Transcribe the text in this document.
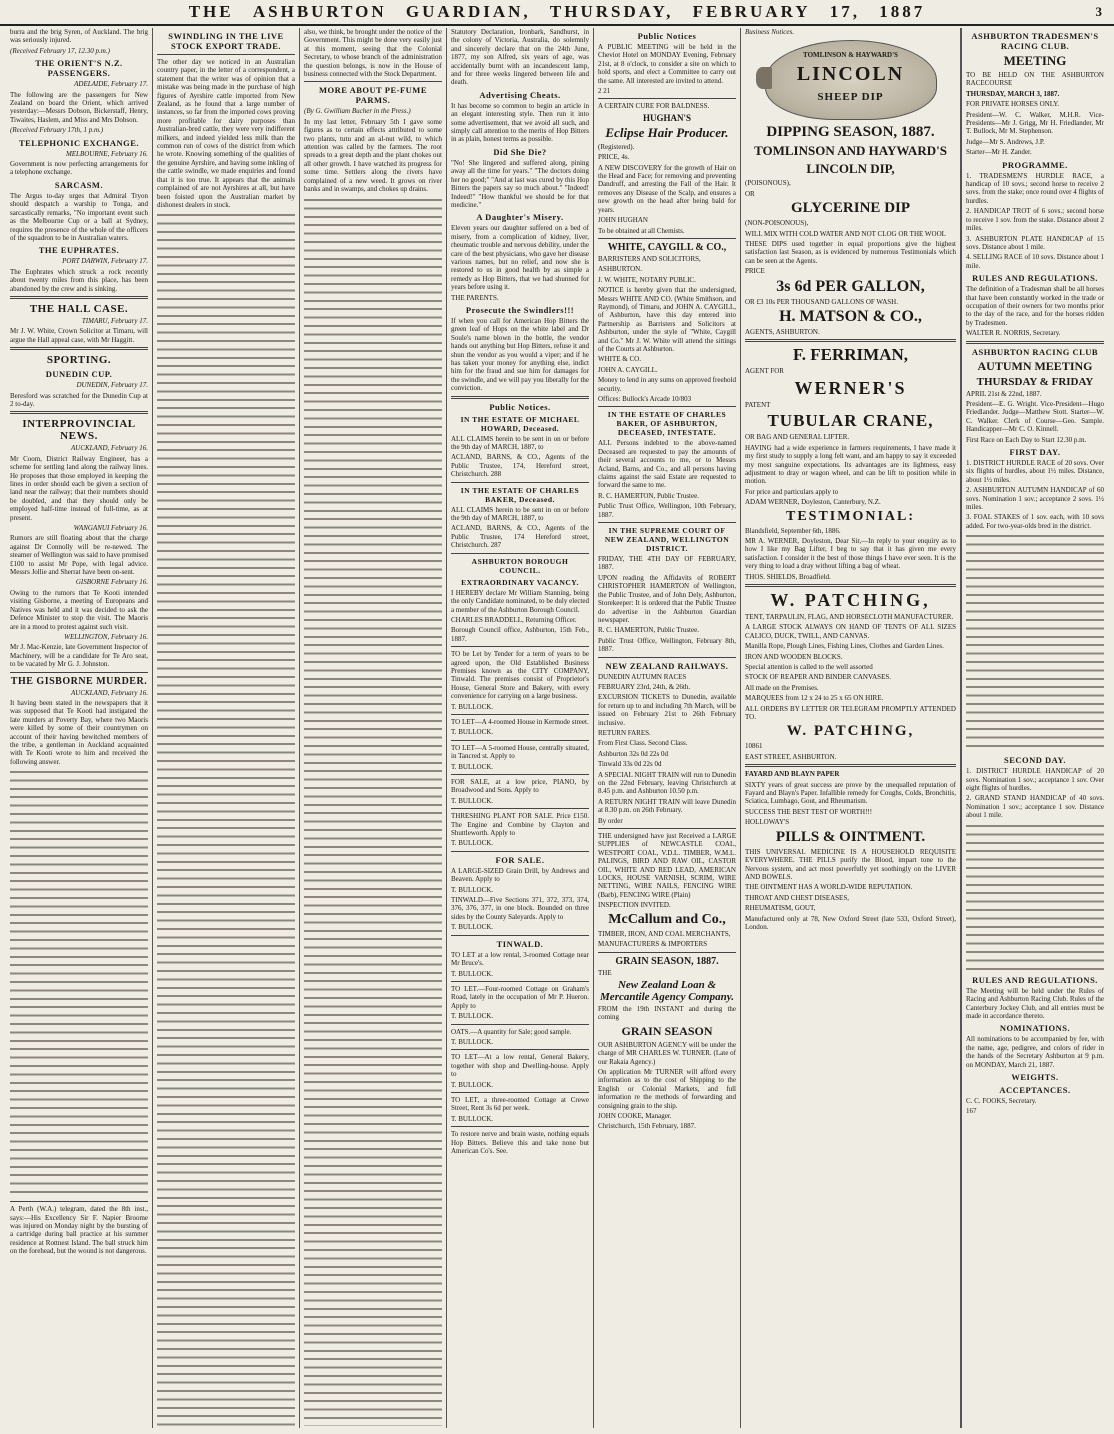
THE ASHBURTON GUARDIAN, THURSDAY, FEBRUARY 17, 1887	3

burra and the brig Syren, of Auckland. The brig was seriously injured.

(Received February 17, 12.30 p.m.)

THE ORIENT'S N.Z. PASSENGERS.

ADELAIDE, February 17.

The following are the passengers for New Zealand on board the Orient, which arrived yesterday:—Messrs Dobson, Bickerstaff, Henry, Tiwaites, Haslem, and Miss and Mrs Dobson.

(Received February 17th, 1 p.m.)

TELEPHONIC EXCHANGE.

MELBOURNE, February 16.

Government is now perfecting arrangements for a telephone exchange.

SARCASM.

The Argus to-day urges that Admiral Tryon should despatch a warship to Tonga, and sarcastically remarks, "No important event such as the Melbourne Cup or a ball at Sydney, requires the presence of the whole of the officers of the squadron to be in Australian waters.

THE EUPHRATES.

PORT DARWIN, February 17.

The Euphrates which struck a rock recently about twenty miles from this place, has been abandoned by the crew and is sinking.

THE HALL CASE.

TIMARU, February 17.

Mr J. W. White, Crown Solicitor at Timaru, will argue the Hall appeal case, with Mr Haggitt.

SPORTING.
DUNEDIN CUP.

DUNEDIN, February 17.

Beresford was scratched for the Dunedin Cup at 2 to-day.

INTERPROVINCIAL NEWS.

AUCKLAND, February 16.

Mr Coom, District Railway Engineer, has a scheme for settling land along the railway lines. He proposes that those employed in keeping the lines in order should each be given a section of land near the railway; that their numbers should be doubled, and that they should only be employed half-time instead of full-time, as at present.

WANGANUI February 16.

Rumors are still floating about that the charge against Dr Connolly will be re-newed. The steamer of Wellington was said to have promised £100 to assist Mr Pope, with legal advice. Messrs Jollie and Sherrat have been on-sent.

GISBORNE February 16.

Owing to the rumors that Te Kooti intended visiting Gisborne, a meeting of Europeans and Natives was held and it was decided to ask the Defence Minister to stop the visit. The Maoris are in a mood to protest against such visit.

WELLINGTON, February 16.

Mr J. Mac-Kenzie, late Government Inspector of Machinery, will be a candidate for Te Aro seat, to be vacated by Mr G. J. Johnston.

THE GISBORNE MURDER.

AUCKLAND, February 16.

It having been stated in the newspapers that it was supposed that Te Kooti had instigated the late murders at Poverty Bay, where two Maoris were killed by some of their countrymen on account of their having bewitched members of the tribe, a gentleman in Auckland acquainted with Te Kooti wrote to him and received the following answer.

A Perth (W.A.) telegram, dated the 8th inst., says:—His Excellency Sir F. Napier Broome was injured on Monday night by the bursting of a cartridge during ball practice at his summer residence at Rottnest Island. The ball struck him on the forehead, but the wound is not dangerous.

SWINDLING IN THE LIVE STOCK EXPORT TRADE.

The other day we noticed in an Australian country paper, in the letter of a correspondent, a statement that the writer was of opinion that a mistake was being made in the purchase of high figures of Ayrshire cattle imported from New Zealand, as he found that a large number of instances, so far from the imported cows proving more profitable for dairy purposes than Australian-bred cattle, they were very indifferent milkers, and indeed yielded less milk than the common run of cows of the district from which he wrote. Knowing something of the qualities of the genuine Ayrshire, and having some inkling of the cattle swindle, we made enquiries and found that it is too true. It appears that the animals complained of are not Ayrshires at all, but have been foisted upon the Australian market by dishonest dealers in stock.

also, we think, be brought under the notice of the Government. This might be done very easily just at this moment, seeing that the Colonial Secretary, to whose branch of the administration the question belongs, is now in the House of business connected with the Stock Department.

MORE ABOUT PE-FUME PARMS.

(By G. Gwilliam Bucher in the Press.)

In my last letter, February 5th I gave some figures as to certain effects attributed to some two plants, tutu and an al-nut wild, to which attention was called by the farmers. The root spreads to a great depth and the plant chokes out all other growth. I have watched its progress for some time. Settlers along the rivers have complained of a new weed. It grows on river banks and in swamps, and chokes up drains.

Statutory Declaration, Ironbark, Sandhurst, in the colony of Victoria, Australia, do solemnly and sincerely declare that on the 24th June, 1877, my son Alfred, six years of age, was accidentally burnt with an incandescent lamp, and for three weeks lingered between life and death.

Advertising Cheats.

It has become so common to begin an article in an elegant interesting style. Then run it into some advertisement, that we avoid all such, and simply call attention to the merits of Hop Bitters in as plain, honest terms as possible.

Did She Die?

"No! She lingered and suffered along, pining away all the time for years." "The doctors doing her no good;" "And at last was cured by this Hop Bitters the papers say so much about." "Indeed! Indeed!" "How thankful we should be for that medicine."

A Daughter's Misery.

Eleven years our daughter suffered on a bed of misery, from a complication of kidney, liver, rheumatic trouble and nervous debility, under the care of the best physicians, who gave her disease various names, but no relief, and now she is restored to us in good health by as simple a remedy as Hop Bitters, that we had shunned for years before using it.

THE PARENTS.

Prosecute the Swindlers!!!

If when you call for American Hop Bitters the green leaf of Hops on the white label and Dr Soule's name blown in the bottle, the vendor hands out anything but Hop Bitters, refuse it and shun the vendor as you would a viper; and if he has taken your money for anything else, indict him for the fraud and sue him for damages for the swindle, and we will pay you liberally for the conviction.

Public Notices.
IN THE ESTATE OF MICHAEL HOWARD, Deceased.

ALL CLAIMS herein to be sent in on or before the 9th day of MARCH, 1887, to

ACLAND, BARNS, & CO., Agents of the Public Trustee, 174, Hereford street, Christchurch. 288

IN THE ESTATE OF CHARLES BAKER, Deceased.

ALL CLAIMS herein to be sent in on or before the 9th day of MARCH, 1887, to

ACLAND, BARNS, & CO., Agents of the Public Trustee, 174 Hereford street, Christchurch. 287

ASHBURTON BOROUGH COUNCIL.
EXTRAORDINARY VACANCY.

I HEREBY declare Mr William Stanning, being the only Candidate nominated, to be duly elected a member of the Ashburton Borough Council.

CHARLES BRADDELL, Returning Officer.

Borough Council office, Ashburton, 15th Feb., 1887.

TO be Let by Tender for a term of years to be agreed upon, the Old Established Business Premises known as the CITY COMPANY, Tinwald. The premises consist of Proprietor's House, General Store and Bakery, with every convenience for carrying on a large business.

T. BULLOCK.

TO LET—A 4-roomed House in Kermode street.

T. BULLOCK.

TO LET—A 5-roomed House, centrally situated, in Tancred st. Apply to

T. BULLOCK.

FOR SALE, at a low price, PIANO, by Broadwood and Sons. Apply to

T. BULLOCK.

THRESHING PLANT FOR SALE. Price £150. The Engine and Combine by Clayton and Shuttleworth. Apply to

T. BULLOCK.

FOR SALE.

A LARGE-SIZED Grain Drill, by Andrews and Beaven. Apply to

T. BULLOCK.

TINWALD—Five Sections 371, 372, 373, 374, 376, 376, 377, in one block. Bounded on three sides by the County Saleyards. Apply to

T. BULLOCK.

TINWALD.

TO LET at a low rental, 3-roomed Cottage near Mr Bruce's.

T. BULLOCK.

TO LET.—Four-roomed Cottage on Graham's Road, lately in the occupation of Mr P. Hueron. Apply to

T. BULLOCK.

OATS.—A quantity for Sale; good sample.

T. BULLOCK.

TO LET—At a low rental, General Bakery, together with shop and Dwelling-house. Apply to

T. BULLOCK.

TO LET, a three-roomed Cottage at Crewe Street, Rent 3s 6d per week.

T. BULLOCK.

To restore nerve and brain waste, nothing equals Hop Bitters. Believe this and take none but American Co's. See.

Public Notices

A PUBLIC MEETING will be held in the Cheviot Hotel on MONDAY Evening, February 21st, at 8 o'clock, to consider a site on which to hold sports, and elect a Committee to carry out the same. All interested are invited to attend.

2 21

A CERTAIN CURE FOR BALDNESS.

HUGHAN'S
Eclipse Hair Producer.

(Registered).

PRICE, 4s.

A NEW DISCOVERY for the growth of Hair on the Head and Face; for removing and preventing Dandruff, and arresting the Fall of the Hair. It removes any Disease of the Scalp, and ensures a new growth on the head after being bald for years.

JOHN HUGHAN

To be obtained at all Chemists.

WHITE, CAYGILL & CO.,

BARRISTERS AND SOLICITORS,

ASHBURTON.

J. W. WHITE, NOTARY PUBLIC.

NOTICE is hereby given that the undersigned, Messrs WHITE AND CO. (White Smithson, and Raymond), of Timaru, and JOHN A. CAYGILL, of Ashburton, have this day entered into Partnership as Barristers and Solicitors at Ashburton, under the style of "White, Caygill and Co." Mr J. W. White will attend the sittings of the Courts at Ashburton.

WHITE & CO.

JOHN A. CAYGILL.

Money to lend in any sums on approved freehold security.

Offices: Bullock's Arcade 10/803

IN THE ESTATE OF CHARLES BAKER, OF ASHBURTON, DECEASED, INTESTATE.

ALL Persons indebted to the above-named Deceased are requested to pay the amounts of their several accounts to me, or to Messrs Acland, Barns, and Co., and all persons having claims against the said Estate are requested to forward the same to me.

R. C. HAMERTON, Public Trustee.

Public Trust Office, Wellington, 10th February, 1887.

IN THE SUPREME COURT OF NEW ZEALAND, WELLINGTON DISTRICT.

FRIDAY, THE 4TH DAY OF FEBRUARY, 1887.

UPON reading the Affidavits of ROBERT CHRISTOPHER HAMERTON of Wellington, the Public Trustee, and of John Dely, Ashburton, Storekeeper: It is ordered that the Public Trustee do advertise in the Ashburton Guardian newspaper.

R. C. HAMERTON, Public Trustee.

Public Trust Office, Wellington, February 8th, 1887.

NEW ZEALAND RAILWAYS.

DUNEDIN AUTUMN RACES

FEBRUARY 23rd, 24th, & 26th.

EXCURSION TICKETS to Dunedin, available for return up to and including 7th March, will be issued on February 21st to 26th February inclusive.

RETURN FARES.

From First Class. Second Class.

Ashburton 32s 0d 22s 0d

Tinwald 33s 0d 22s 0d

A SPECIAL NIGHT TRAIN will run to Dunedin on the 22nd February, leaving Christchurch at 8.45 p.m. and Ashburton 10.50 p.m.

A RETURN NIGHT TRAIN will leave Dunedin at 8.30 p.m. on 26th February.

By order

THE undersigned have just Received a LARGE SUPPLIES of NEWCASTLE COAL, WESTPORT COAL, V.D.L. TIMBER, W.M.L. PALINGS, BIRD AND RAW OIL, CASTOR OIL, WHITE AND RED LEAD, AMERICAN LOCKS, HOUSE VARNISH, SCRIM, WIRE NETTING, WIRE NAILS, FENCING WIRE (Barb), FENCING WIRE (Plain)

INSPECTION INVITED.

McCallum and Co.,

TIMBER, IRON, AND COAL MERCHANTS,

MANUFACTURERS & IMPORTERS

GRAIN SEASON, 1887.

THE

New Zealand Loan & Mercantile Agency Company.

FROM the 19th INSTANT and during the coming

GRAIN SEASON

OUR ASHBURTON AGENCY will be under the charge of MR CHARLES W. TURNER. (Late of our Rakaia Agency.)

On application Mr TURNER will afford every information as to the cost of Shipping to the English or Colonial Markets, and full information re the methods of forwarding and consigning grain to the ship.

JOHN COOKE, Manager.

Christchurch, 15th February, 1887.

Business Notices.

TOMLINSON & HAYWARD'S
LINCOLN
SHEEP DIP
DIPPING SEASON, 1887.
TOMLINSON AND HAYWARD'S
LINCOLN DIP,

(POISONOUS),

OR

GLYCERINE DIP

(NON-POISONOUS),

WILL MIX WITH COLD WATER AND NOT CLOG OR THE WOOL

THESE DIPS used together in equal proportions give the highest satisfaction last Season, as is evidenced by numerous Testimonials which can be seen at the Agents.

PRICE

3s 6d PER GALLON,

OR £3 10s PER THOUSAND GALLONS OF WASH.

H. MATSON & CO.,

AGENTS, ASHBURTON.

F. FERRIMAN,

AGENT FOR

WERNER'S

PATENT

TUBULAR CRANE,

OR BAG AND GENERAL LIFTER.

HAVING had a wide experience in farmers requirements, I have made it my first study to supply a long felt want, and am happy to say it exceeded my most sanguine expectations. Its advantages are its lightness, easy adjustment to dray or wagon wheel, and can be lift to position while in motion.

For price and particulars apply to

ADAM WERNER, Doyleston, Canterbury, N.Z.

TESTIMONIAL:

Blandsfield, September 6th, 1886.

MR A. WERNER, Doyleston, Dear Sir,—In reply to your enquiry as to how I like my Bag Lifter, I beg to say that it has given me every satisfaction. I consider it the best of those things I have ever seen. It is the very thing to load a dray without lifting a bag of wheat.

THOS. SHIELDS, Broadfield.

W. PATCHING,

TENT, TARPAULIN, FLAG, AND HORSECLOTH MANUFACTURER.

A LARGE STOCK ALWAYS ON HAND OF TENTS OF ALL SIZES CALICO, DUCK, TWILL, AND CANVAS.

Manilla Rope, Plough Lines, Fishing Lines, Clothes and Garden Lines.

IRON AND WOODEN BLOCKS.

Special attention is called to the well assorted

STOCK OF REAPER AND BINDER CANVASES.

All made on the Premises.

MARQUEES from 12 x 24 to 25 x 65 ON HIRE.

ALL ORDERS BY LETTER OR TELEGRAM PROMPTLY ATTENDED TO.

W. PATCHING,

10861

EAST STREET, ASHBURTON.

FAYARD AND BLAYN PAPER

SIXTY years of great success are prove by the unequalled reputation of Fayard and Blayn's Paper. Infallible remedy for Coughs, Colds, Bronchitis, Sciatica, Lumbago, Gout, and Rheumatism.

SUCCESS THE BEST TEST OF WORTH!!!

HOLLOWAY'S

PILLS & OINTMENT.

THIS UNIVERSAL MEDICINE IS A HOUSEHOLD REQUISITE EVERYWHERE. THE PILLS purify the Blood, impart tone to the Nervous system, and act most powerfully yet soothingly on the LIVER AND BOWELS.

THE OINTMENT HAS A WORLD-WIDE REPUTATION.

THROAT AND CHEST DISEASES,

RHEUMATISM, GOUT,

Manufactured only at 78, New Oxford Street (late 533, Oxford Street), London.

ASHBURTON TRADESMEN'S RACING CLUB.
MEETING

TO BE HELD ON THE ASHBURTON RACECOURSE

THURSDAY, MARCH 3, 1887.

FOR PRIVATE HORSES ONLY.

President—W. C. Walker, M.H.R. Vice-Presidents—Mr J. Grigg, Mr H. Friedlander, Mr T. Bullock, Mr M. Stephenson.

Judge—Mr S. Andrews, J.P.

Starter—Mr H. Zander.

PROGRAMME.

1. TRADESMEN'S HURDLE RACE, a handicap of 10 sovs.; second horse to receive 2 sovs. from the stake; once round over 4 flights of hurdles.

2. HANDICAP TROT of 6 sovs.; second horse to receive 1 sov. from the stake. Distance about 2 miles.

3. ASHBURTON PLATE HANDICAP of 15 sovs. Distance about 1 mile.

4. SELLING RACE of 10 sovs. Distance about 1 mile.

RULES AND REGULATIONS.

The definition of a Tradesman shall be all horses that have been constantly worked in the trade or occupation of their owners for two months prior to the day of the race, and for the horses ridden by Tradesmen.

WALTER R. NORRIS, Secretary.

ASHBURTON RACING CLUB
AUTUMN MEETING
THURSDAY & FRIDAY

APRIL 21st & 22nd, 1887.

President—E. G. Wright. Vice-President—Hugo Friedlander. Judge—Matthew Stott. Starter—W. C. Walker. Clerk of Course—Geo. Sample. Handicapper—Mr C. O. Kinnell.

First Race on Each Day to Start 12.30 p.m.

FIRST DAY.

1. DISTRICT HURDLE RACE of 20 sovs. Over six flights of hurdles, about 1½ miles. Distance, about 1½ miles.

2. ASHBURTON AUTUMN HANDICAP of 60 sovs. Nomination 1 sov.; acceptance 2 sovs. 1½ miles.

3. FOAL STAKES of 1 sov. each, with 10 sovs added. For two-year-olds bred in the district.

SECOND DAY.

1. DISTRICT HURDLE HANDICAP of 20 sovs. Nomination 1 sov.; acceptance 1 sov. Over eight flights of hurdles.

2. GRAND STAND HANDICAP of 40 sovs. Nomination 1 sov.; acceptance 1 sov. Distance about 1 mile.

RULES AND REGULATIONS.

The Meeting will be held under the Rules of Racing and Ashburton Racing Club. Rules of the Canterbury Jockey Club, and all entries must be made in accordance thereto.

NOMINATIONS.

All nominations to be accompanied by fee, with the name, age, pedigree, and colors of rider in the hands of the Secretary Ashburton at 9 p.m. on MONDAY, March 21, 1887.

WEIGHTS.
ACCEPTANCES.

C. C. FOOKS, Secretary.

167
